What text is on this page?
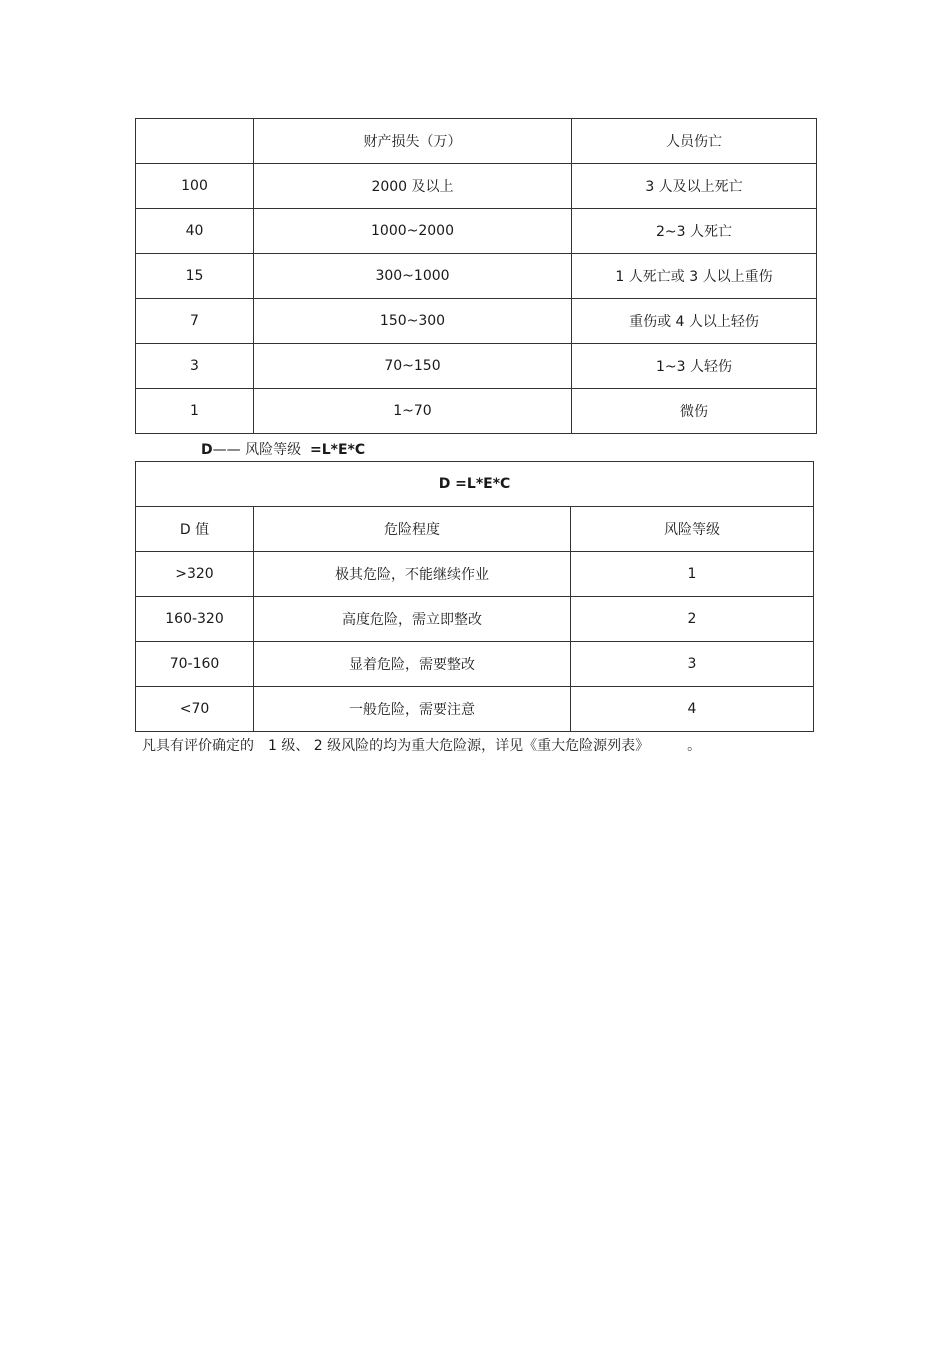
	财产损失（万）	人员伤亡
100	2000 及以上	3 人及以上死亡
40	1000~2000	2~3 人死亡
15	300~1000	1 人死亡或 3 人以上重伤
7	150~300	重伤或 4 人以上轻伤
3	70~150	1~3 人轻伤
1	1~70	微伤
D—— 风险等级 =L*E*C
D =L*E*C		
D 值	危险程度	风险等级
>320	极其危险，不能继续作业	1
160-320	高度危险，需立即整改	2
70-160	显着危险，需要整改	3
<70	一般危险，需要注意	4
凡具有评价确定的 1 级、 2 级风险的均为重大危险源，详见《重大危险源列表》	。
